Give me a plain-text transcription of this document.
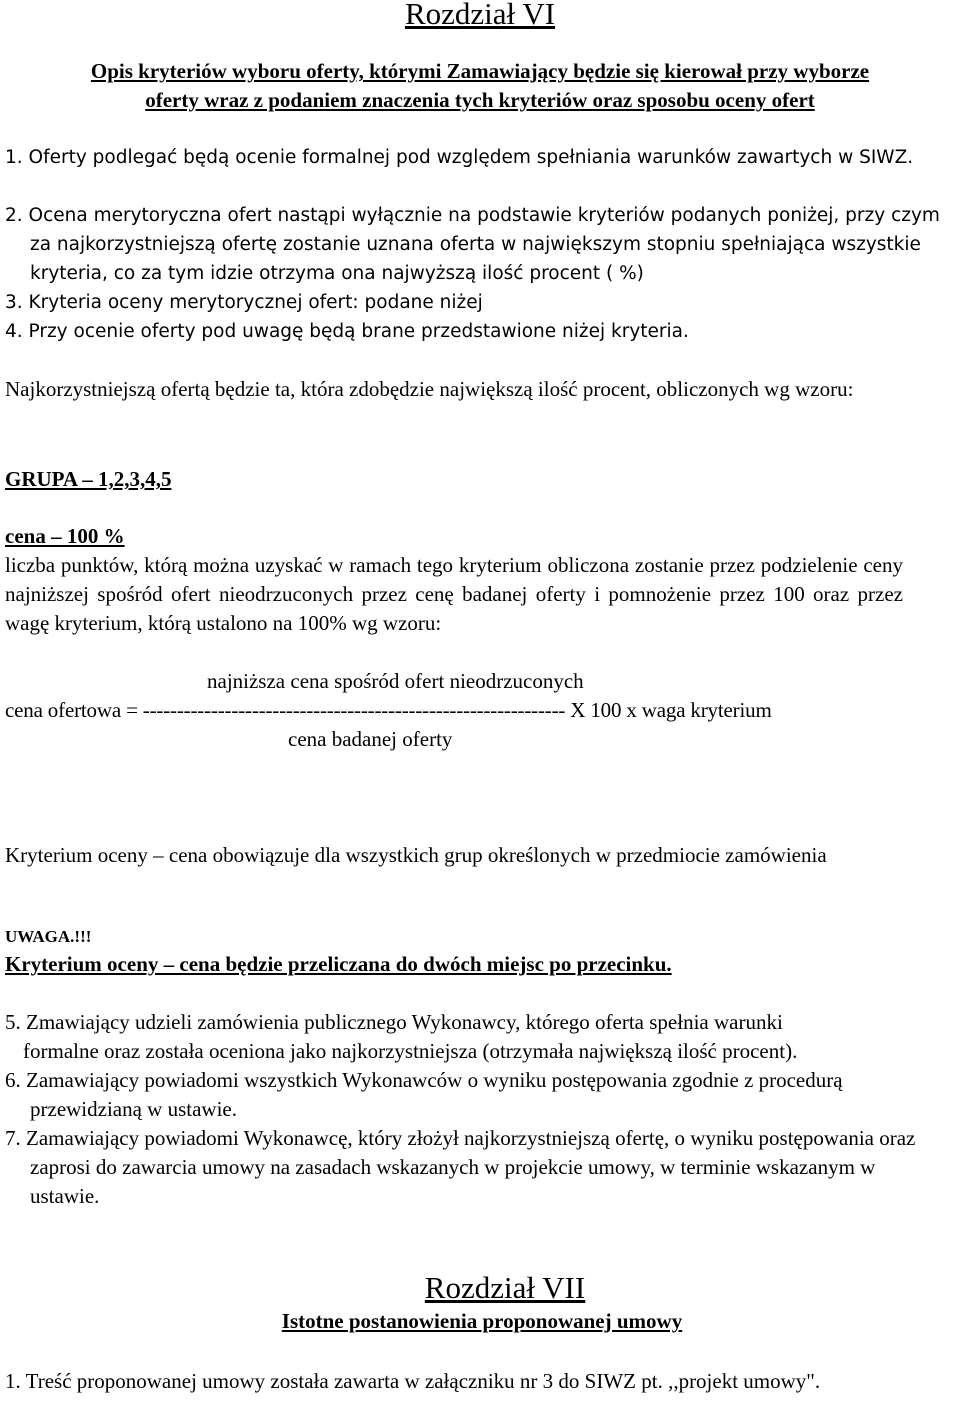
Rozdział VI
Opis kryteriów wyboru oferty, którymi Zamawiający będzie się kierował przy wyborze
oferty wraz z podaniem znaczenia tych kryteriów oraz sposobu oceny ofert
1. Oferty podlegać będą ocenie formalnej pod względem spełniania warunków zawartych w SIWZ.
2. Ocena merytoryczna ofert nastąpi wyłącznie na podstawie kryteriów podanych poniżej, przy czym za najkorzystniejszą ofertę zostanie uznana oferta w największym stopniu spełniająca wszystkie kryteria, co za tym idzie otrzyma ona najwyższą ilość procent ( %)
3. Kryteria oceny merytorycznej ofert: podane niżej
4. Przy ocenie oferty pod uwagę będą brane przedstawione niżej kryteria.
Najkorzystniejszą ofertą będzie ta, która zdobędzie największą ilość procent, obliczonych wg wzoru:
GRUPA – 1,2,3,4,5
cena – 100 %
liczba punktów, którą można uzyskać w ramach tego kryterium obliczona zostanie przez podzielenie ceny najniższej spośród ofert nieodrzuconych przez cenę badanej oferty i pomnożenie przez 100 oraz przez wagę kryterium, którą ustalono na 100% wg wzoru:
najniższa cena spośród ofert nieodrzuconych
cena ofertowa = -------------------------------------------------------------- X 100 x waga kryterium
cena badanej oferty
Kryterium oceny – cena obowiązuje dla wszystkich grup określonych w przedmiocie zamówienia
UWAGA.!!!
Kryterium oceny – cena będzie przeliczana do dwóch miejsc po przecinku.
5. Zmawiający udzieli zamówienia publicznego Wykonawcy, którego oferta spełnia warunki
formalne oraz została oceniona jako najkorzystniejsza (otrzymała największą ilość procent).
6. Zamawiający powiadomi wszystkich Wykonawców o wyniku postępowania zgodnie z procedurą przewidzianą w ustawie.
7. Zamawiający powiadomi Wykonawcę, który złożył najkorzystniejszą ofertę, o wyniku postępowania oraz zaprosi do zawarcia umowy na zasadach wskazanych w projekcie umowy, w terminie wskazanym w ustawie.
Rozdział VII
Istotne postanowienia proponowanej umowy
1. Treść proponowanej umowy została zawarta w załączniku nr 3 do SIWZ pt. ,,projekt umowy".
